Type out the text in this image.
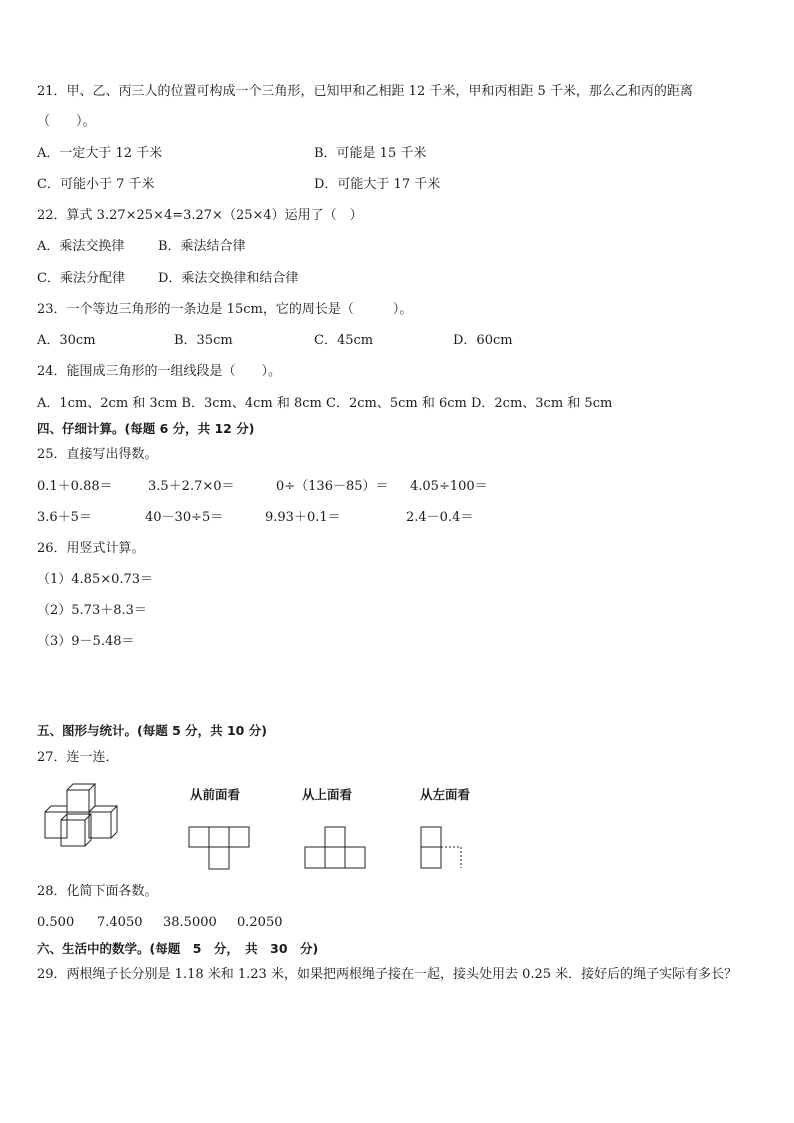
21．甲、乙、丙三人的位置可构成一个三角形，已知甲和乙相距 12 千米，甲和丙相距 5 千米，那么乙和丙的距离
（　　）。
A．一定大于 12 千米	B．可能是 15 千米
C．可能小于 7 千米	D．可能大于 17 千米
22．算式 3.27×25×4=3.27×（25×4）运用了（　）
A．乘法交换律	B．乘法结合律
C．乘法分配律	D．乘法交换律和结合律
23．一个等边三角形的一条边是 15cm，它的周长是（　　　）。
A．30cm	B．35cm	C．45cm	D．60cm
24．能围成三角形的一组线段是（　　）。
A．1cm、2cm 和 3cm B．3cm、4cm 和 8cm C．2cm、5cm 和 6cm D．2cm、3cm 和 5cm
四、仔细计算。(每题 6 分，共 12 分)
25．直接写出得数。
0.1＋0.88＝	3.5＋2.7×0＝	0÷（136－85）＝ 4.05÷100＝
3.6＋5＝	40－30÷5＝	9.93＋0.1＝	2.4－0.4＝
26．用竖式计算。
（1）4.85×0.73＝
（2）5.73＋8.3＝
（3）9－5.48＝
五、图形与统计。(每题 5 分，共 10 分)
27．连一连．
从前面看	从上面看	从左面看
28．化简下面各数。
0.500 7.4050 38.5000 0.2050
六、生活中的数学。(每题　5　分，　共　30　分)
29．两根绳子长分别是 1.18 米和 1.23 米，如果把两根绳子接在一起，接头处用去 0.25 米．接好后的绳子实际有多长？
